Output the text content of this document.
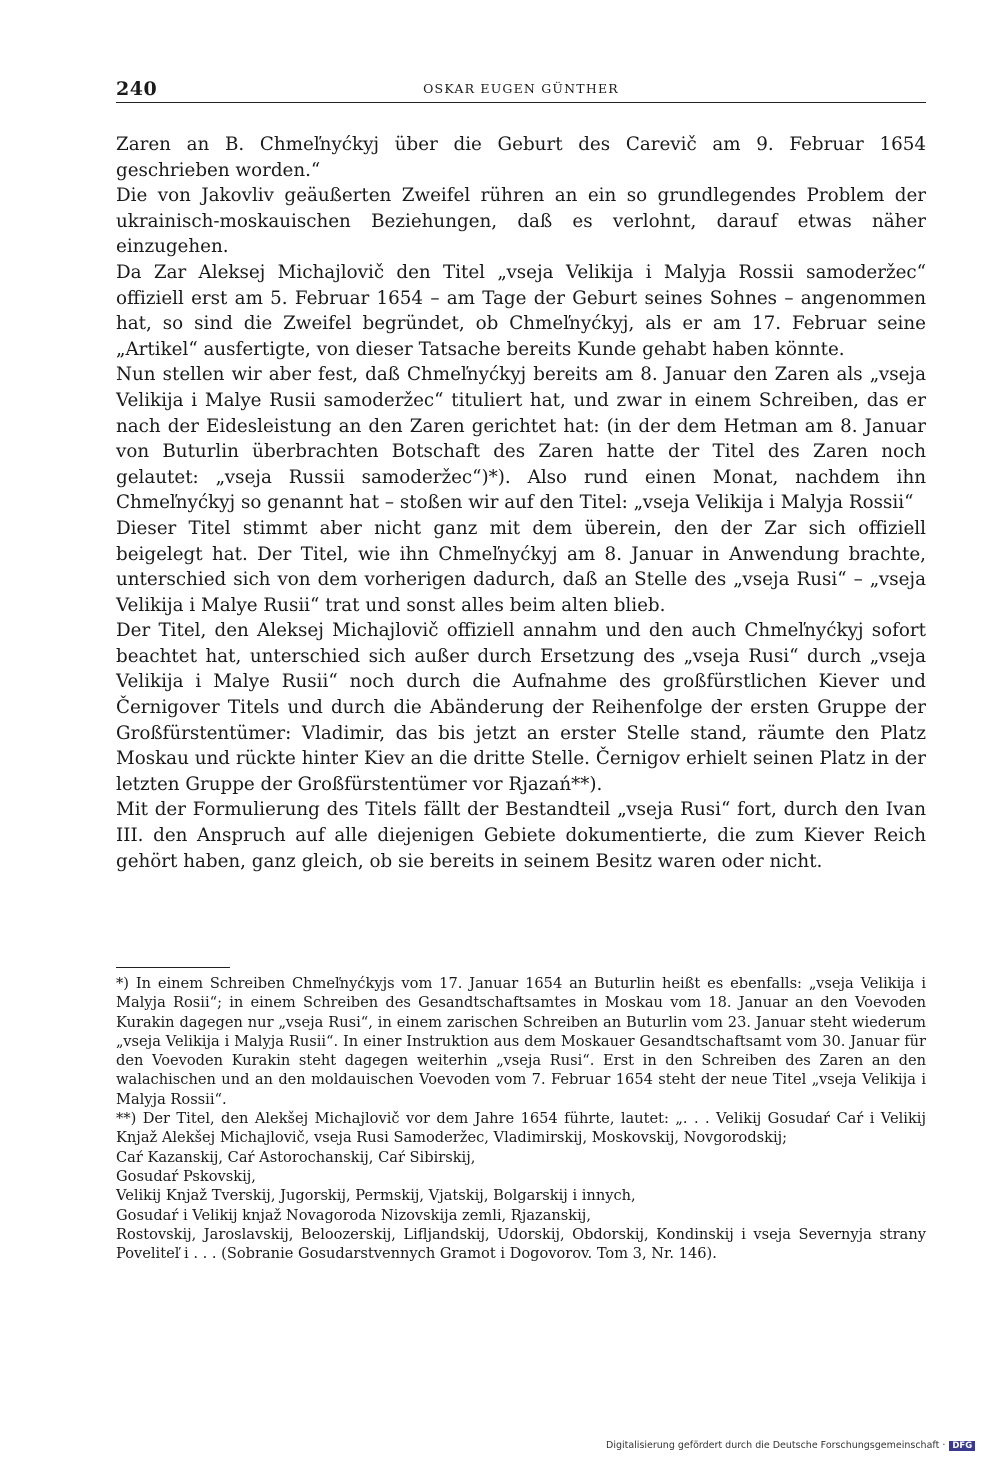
240	OSKAR EUGEN GÜNTHER

Zaren an B. Chmeľnyćkyj über die Geburt des Carevič am 9. Februar 1654 geschrieben worden.“

Die von Jakovliv geäußerten Zweifel rühren an ein so grundlegendes Problem der ukrainisch-moskauischen Beziehungen, daß es verlohnt, darauf etwas näher einzugehen.

Da Zar Aleksej Michajlovič den Titel „vseja Velikija i Malyja Rossii samoderžec“ offiziell erst am 5. Februar 1654 – am Tage der Geburt seines Sohnes – angenommen hat, so sind die Zweifel begründet, ob Chmeľnyćkyj, als er am 17. Februar seine „Artikel“ ausfertigte, von dieser Tatsache bereits Kunde gehabt haben könnte.

Nun stellen wir aber fest, daß Chmeľnyćkyj bereits am 8. Januar den Zaren als „vseja Velikija i Malye Rusii samoderžec“ tituliert hat, und zwar in einem Schreiben, das er nach der Eidesleistung an den Zaren gerichtet hat: (in der dem Hetman am 8. Januar von Buturlin überbrachten Botschaft des Zaren hatte der Titel des Zaren noch gelautet: „vseja Russii samoderžec“)*). Also rund einen Monat, nachdem ihn Chmeľnyćkyj so genannt hat – stoßen wir auf den Titel: „vseja Velikija i Malyja Rossii“

Dieser Titel stimmt aber nicht ganz mit dem überein, den der Zar sich offiziell beigelegt hat. Der Titel, wie ihn Chmeľnyćkyj am 8. Januar in Anwendung brachte, unterschied sich von dem vorherigen dadurch, daß an Stelle des „vseja Rusi“ – „vseja Velikija i Malye Rusii“ trat und sonst alles beim alten blieb.

Der Titel, den Aleksej Michajlovič offiziell annahm und den auch Chmeľnyćkyj sofort beachtet hat, unterschied sich außer durch Ersetzung des „vseja Rusi“ durch „vseja Velikija i Malye Rusii“ noch durch die Aufnahme des großfürstlichen Kiever und Černigover Titels und durch die Abänderung der Reihenfolge der ersten Gruppe der Großfürstentümer: Vladimir, das bis jetzt an erster Stelle stand, räumte den Platz Moskau und rückte hinter Kiev an die dritte Stelle. Černigov erhielt seinen Platz in der letzten Gruppe der Großfürstentümer vor Rjazań**).

Mit der Formulierung des Titels fällt der Bestandteil „vseja Rusi“ fort, durch den Ivan III. den Anspruch auf alle diejenigen Gebiete dokumentierte, die zum Kiever Reich gehört haben, ganz gleich, ob sie bereits in seinem Besitz waren oder nicht.

*) In einem Schreiben Chmeľnyćkyjs vom 17. Januar 1654 an Buturlin heißt es ebenfalls: „vseja Velikija i Malyja Rosii“; in einem Schreiben des Gesandtschaftsamtes in Moskau vom 18. Januar an den Voevoden Kurakin dagegen nur „vseja Rusi“, in einem zarischen Schreiben an Buturlin vom 23. Januar steht wiederum „vseja Velikija i Malyja Rusii“. In einer Instruktion aus dem Moskauer Gesandtschaftsamt vom 30. Januar für den Voevoden Kurakin steht dagegen weiterhin „vseja Rusi“. Erst in den Schreiben des Zaren an den walachischen und an den moldauischen Voevoden vom 7. Februar 1654 steht der neue Titel „vseja Velikija i Malyja Rossii“.

**) Der Titel, den Alekšej Michajlovič vor dem Jahre 1654 führte, lautet: „. . . Velikij Gosudaŕ Caŕ i Velikij Knjaž Alekšej Michajlovič, vseja Rusi Samoderžec, Vladimirskij, Moskovskij, Novgorodskij;

Caŕ Kazanskij, Caŕ Astorochanskij, Caŕ Sibirskij,
Gosudaŕ Pskovskij,
Velikij Knjaž Tverskij, Jugorskij, Permskij, Vjatskij, Bolgarskij i innych,
Gosudaŕ i Velikij knjaž Novagoroda Nizovskija zemli, Rjazanskij,

Rostovskij, Jaroslavskij, Beloozerskij, Lifljandskij, Udorskij, Obdorskij, Kondinskij i vseja Severnyja strany Poveliteľ i . . . (Sobranie Gosudarstvennych Gramot i Dogovorov. Tom 3, Nr. 146).

Digitalisierung gefördert durch die Deutsche Forschungsgemeinschaft · DFG
